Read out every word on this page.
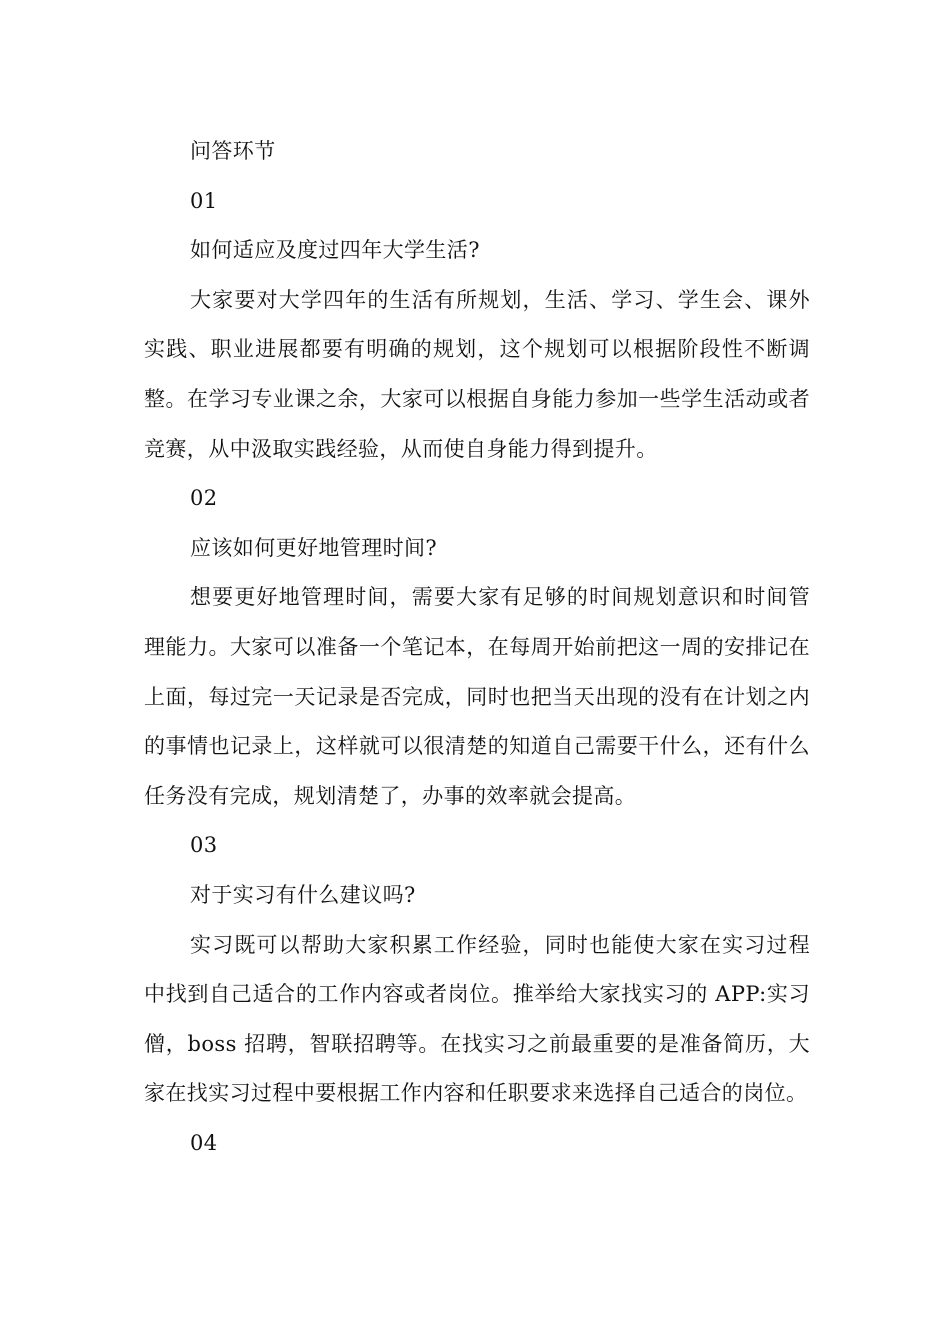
问答环节

01

如何适应及度过四年大学生活?

大家要对大学四年的生活有所规划，生活、学习、学生会、课外实践、职业进展都要有明确的规划，这个规划可以根据阶段性不断调整。在学习专业课之余，大家可以根据自身能力参加一些学生活动或者竞赛，从中汲取实践经验，从而使自身能力得到提升。

02

应该如何更好地管理时间?

想要更好地管理时间，需要大家有足够的时间规划意识和时间管理能力。大家可以准备一个笔记本，在每周开始前把这一周的安排记在上面，每过完一天记录是否完成，同时也把当天出现的没有在计划之内的事情也记录上，这样就可以很清楚的知道自己需要干什么，还有什么任务没有完成，规划清楚了，办事的效率就会提高。

03

对于实习有什么建议吗?

实习既可以帮助大家积累工作经验，同时也能使大家在实习过程中找到自己适合的工作内容或者岗位。推举给大家找实习的 APP:实习僧，boss 招聘，智联招聘等。在找实习之前最重要的是准备简历，大家在找实习过程中要根据工作内容和任职要求来选择自己适合的岗位。

04
